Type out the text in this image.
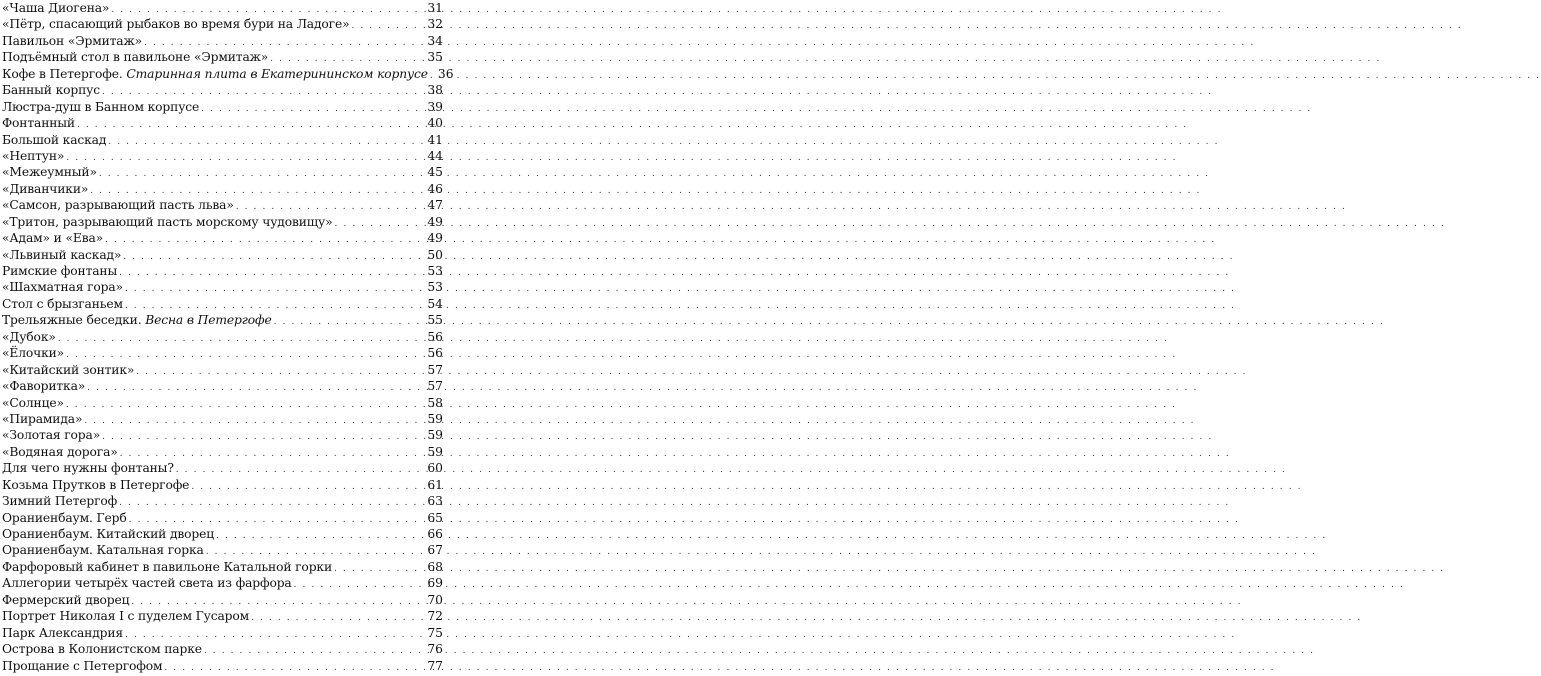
«Чаша Диогена» . . .	31
«Пётр, спасающий рыбаков во время бури на Ладоге» . . .	32
Павильон «Эрмитаж» . . .	34
Подъёмный стол в павильоне «Эрмитаж» . . .	35
Кофе в Петергофе. Старинная плита в Екатерининском корпусе . . . 36
Банный корпус . . .	38
Люстра-душ в Банном корпусе . . .	39
Фонтанный . . .	40
Большой каскад . . .	41
«Нептун» . . .	44
«Межеумный» . . .	45
«Диванчики» . . .	46
«Самсон, разрывающий пасть льва» . . .	47
«Тритон, разрывающий пасть морскому чудовищу» . . .	49
«Адам» и «Ева» . . .	49
«Львиный каскад» . . .	50
Римские фонтаны . . .	53
«Шахматная гора» . . .	53
Стол с брызганьем . . .	54
Трельяжные беседки. Весна в Петергофе . . .	55
«Дубок» . . .	56
«Ёлочки» . . .	56
«Китайский зонтик» . . .	57
«Фаворитка» . . .	57
«Солнце» . . .	58
«Пирамида» . . .	59
«Золотая гора» . . .	59
«Водяная дорога» . . .	59
Для чего нужны фонтаны? . . .	60
Козьма Прутков в Петергофе . . .	61
Зимний Петергоф . . .	63
Ораниенбаум. Герб . . .	65
Ораниенбаум. Китайский дворец . . .	66
Ораниенбаум. Катальная горка . . .	67
Фарфоровый кабинет в павильоне Катальной горки . . .	68
Аллегории четырёх частей света из фарфора . . .	69
Фермерский дворец . . .	70
Портрет Николая I с пуделем Гусаром . . .	72
Парк Александрия . . .	75
Острова в Колонистском парке . . .	76
Прощание с Петергофом . . .	77
